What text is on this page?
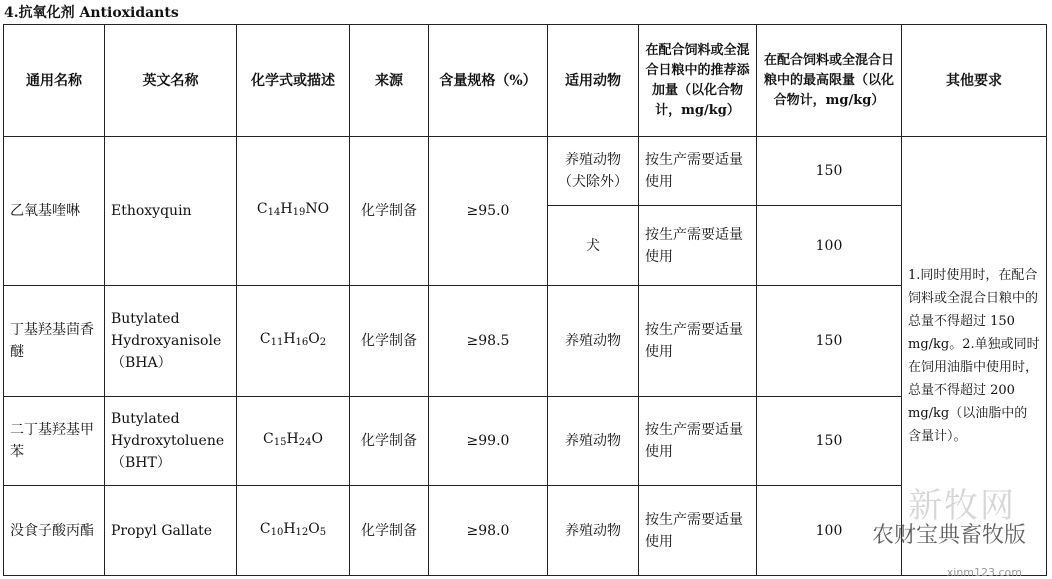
4.抗氧化剂 Antioxidants
通用名称	英文名称	化学式或描述	来源	含量规格（%）	适用动物	在配合饲料或全混合日粮中的推荐添加量（以化合物计，mg/kg）	在配合饲料或全混合日粮中的最高限量（以化合物计，mg/kg）	其他要求
乙氧基喹啉	Ethoxyquin	$C_{14}H_{19}NO$	化学制备	≥95.0	养殖动物（犬除外）	按生产需要适量使用	150	1.同时使用时，在配合饲料或全混合日粮中的总量不得超过 150 mg/kg。2.单独或同时在饲用油脂中使用时，总量不得超过 200 mg/kg（以油脂中的含量计）。
					犬	按生产需要适量使用	100	
丁基羟基茴香醚	Butylated Hydroxyanisole（BHA）	$C_{11}H_{16}O_2$	化学制备	≥98.5	养殖动物	按生产需要适量使用	150	
二丁基羟基甲苯	Butylated Hydroxytoluene（BHT）	$C_{15}H_{24}O$	化学制备	≥99.0	养殖动物	按生产需要适量使用	150	
没食子酸丙酯	Propyl Gallate	$C_{10}H_{12}O_5$	化学制备	≥98.0	养殖动物	按生产需要适量使用	100	
新牧网
农财宝典畜牧版
xinm123.com
